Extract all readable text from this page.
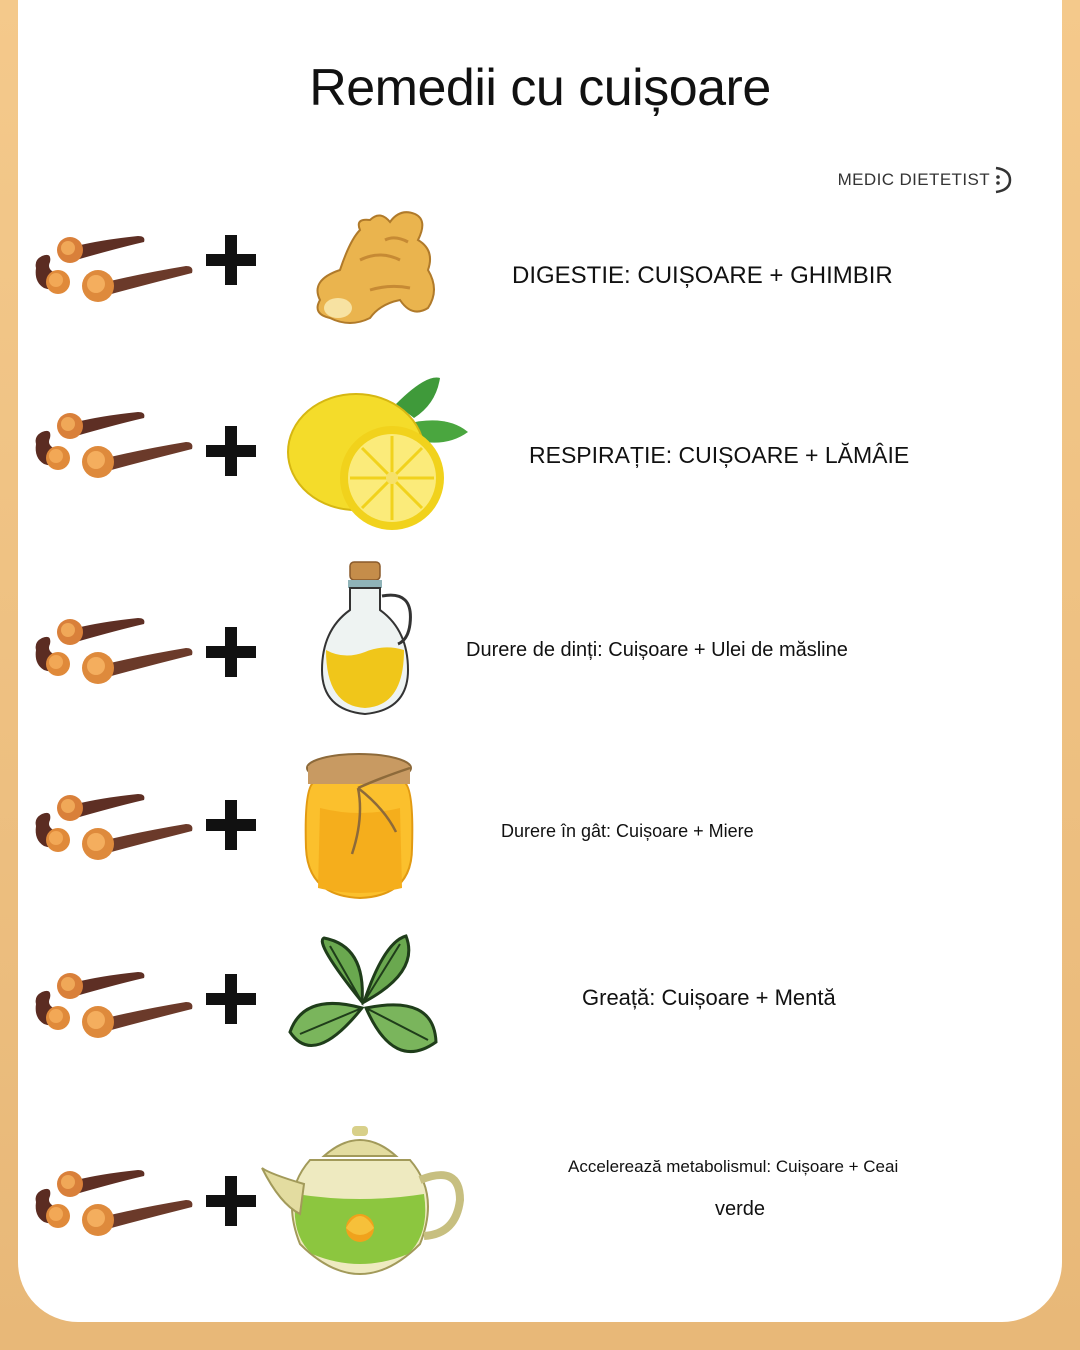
Remedii cu cuișoare
MEDIC DIETETIST
DIGESTIE: CUIȘOARE + GHIMBIR
RESPIRAȚIE: CUIȘOARE + LĂMÂIE
Durere de dinți: Cuișoare + Ulei de măsline
Durere în gât: Cuișoare + Miere
Greață: Cuișoare + Mentă
Accelerează metabolismul: Cuișoare + Ceai
verde
